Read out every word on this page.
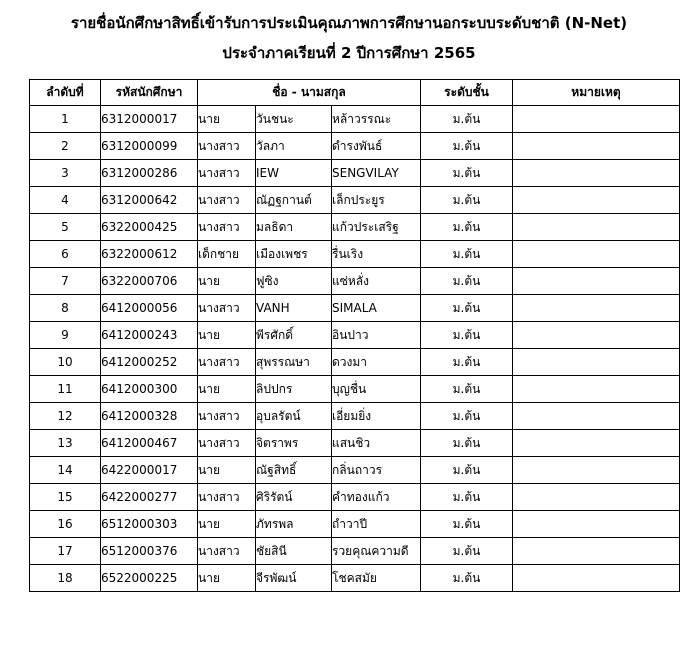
รายชื่อนักศึกษาสิทธิ์เข้ารับการประเมินคุณภาพการศึกษานอกระบบระดับชาติ (N-Net)
ประจำภาคเรียนที่ 2 ปีการศึกษา 2565
ลำดับที่	รหัสนักศึกษา	ชื่อ - นามสกุล			ระดับชั้น	หมายเหตุ
1	6312000017	นาย	วันชนะ	หล้าวรรณะ	ม.ต้น	
2	6312000099	นางสาว	วัลภา	ดำรงพันธ์	ม.ต้น	
3	6312000286	นางสาว	IEW	SENGVILAY	ม.ต้น	
4	6312000642	นางสาว	ณัฏฐกานต์	เล็กประยูร	ม.ต้น	
5	6322000425	นางสาว	มลธิดา	แก้วประเสริฐ	ม.ต้น	
6	6322000612	เด็กชาย	เมืองเพชร	รื่นเริง	ม.ต้น	
7	6322000706	นาย	ฟูซิง	แซ่หลั่ง	ม.ต้น	
8	6412000056	นางสาว	VANH	SIMALA	ม.ต้น	
9	6412000243	นาย	พีรศักดิ์	อินปาว	ม.ต้น	
10	6412000252	นางสาว	สุพรรณษา	ดวงมา	ม.ต้น	
11	6412000300	นาย	ลิปปกร	บุญชื่น	ม.ต้น	
12	6412000328	นางสาว	อุบลรัตน์	เอี่ยมยิ่ง	ม.ต้น	
13	6412000467	นางสาว	จิตราพร	แสนชิว	ม.ต้น	
14	6422000017	นาย	ณัฐสิทธิ์	กลิ่นถาวร	ม.ต้น	
15	6422000277	นางสาว	ศิริรัตน์	คำทองแก้ว	ม.ต้น	
16	6512000303	นาย	ภัทรพล	ถำวาปี	ม.ต้น	
17	6512000376	นางสาว	ชัยสินี	รวยคุณความดี	ม.ต้น	
18	6522000225	นาย	จีรพัฒน์	โชคสมัย	ม.ต้น	
